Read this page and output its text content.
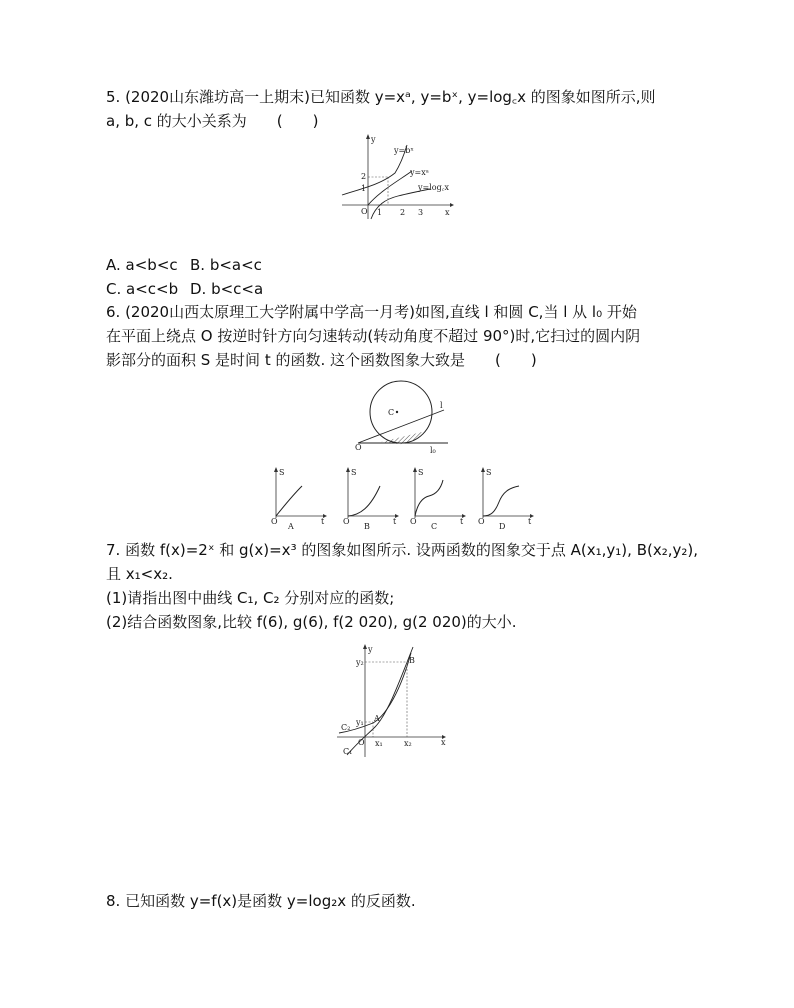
5. (2020山东潍坊高一上期末)已知函数 y=xᵃ, y=bˣ, y=log꜀x 的图象如图所示,则
a, b, c 的大小关系为　　(　　)
y=bˣ
y=xᵃ
y=log꜀x
y
x
O 1 2 3
1
2
A. a<b<c B. b<a<c
C. a<c<b D. b<c<a
6. (2020山西太原理工大学附属中学高一月考)如图,直线 l 和圆 C,当 l 从 l₀ 开始
在平面上绕点 O 按逆时针方向匀速转动(转动角度不超过 90°)时,它扫过的圆内阴
影部分的面积 S 是时间 t 的函数. 这个函数图象大致是　　(　　)
C
l
l₀
O
S
t
O
A
S
t
O
B
S
t
O
C
S
t
O
D
7. 函数 f(x)=2ˣ 和 g(x)=x³ 的图象如图所示. 设两函数的图象交于点 A(x₁,y₁), B(x₂,y₂),
且 x₁<x₂.
(1)请指出图中曲线 C₁, C₂ 分别对应的函数;
(2)结合函数图象,比较 f(6), g(6), f(2 020), g(2 020)的大小.
A
B
y₁
y₂
x₁	x₂
C₂
C₁
y
x
O
8. 已知函数 y=f(x)是函数 y=log₂x 的反函数.
